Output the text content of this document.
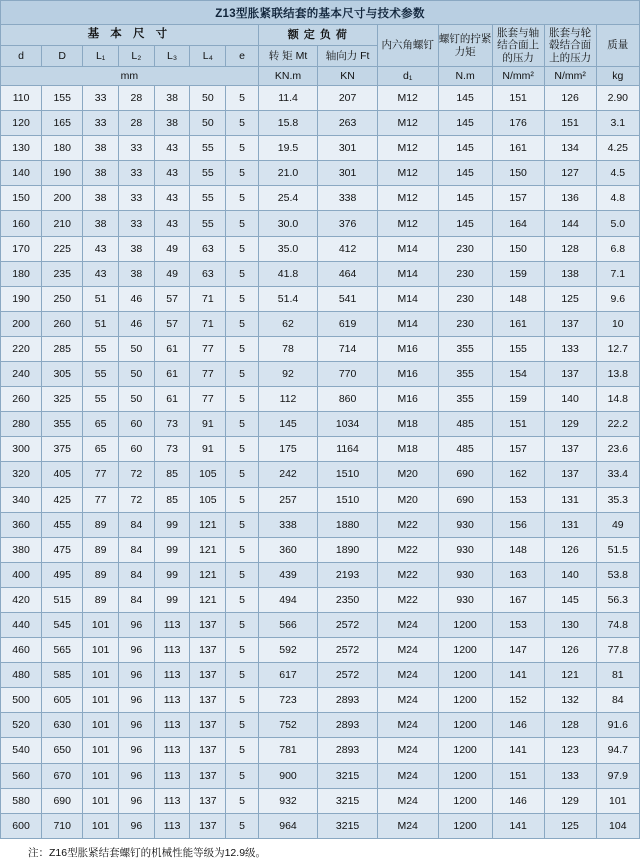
Z13型胀紧联结套的基本尺寸与技术参数
基 本 尺 寸							额 定 负 荷		内六角螺钉	螺钉的拧紧力矩	胀套与轴结合面上的压力	胀套与轮毂结合面上的压力	质量

d	D	L₁	L₂	L₃	L₄	e	转 矩 Mt	轴向力 Ft					
mm							KN.m	KN	d₁	N.m	N/mm²	N/mm²	kg
110	155	33	28	38	50	5	11.4	207	M12	145	151	126	2.90
120	165	33	28	38	50	5	15.8	263	M12	145	176	151	3.1
130	180	38	33	43	55	5	19.5	301	M12	145	161	134	4.25
140	190	38	33	43	55	5	21.0	301	M12	145	150	127	4.5
150	200	38	33	43	55	5	25.4	338	M12	145	157	136	4.8
160	210	38	33	43	55	5	30.0	376	M12	145	164	144	5.0
170	225	43	38	49	63	5	35.0	412	M14	230	150	128	6.8
180	235	43	38	49	63	5	41.8	464	M14	230	159	138	7.1
190	250	51	46	57	71	5	51.4	541	M14	230	148	125	9.6
200	260	51	46	57	71	5	62	619	M14	230	161	137	10
220	285	55	50	61	77	5	78	714	M16	355	155	133	12.7
240	305	55	50	61	77	5	92	770	M16	355	154	137	13.8
260	325	55	50	61	77	5	112	860	M16	355	159	140	14.8
280	355	65	60	73	91	5	145	1034	M18	485	151	129	22.2
300	375	65	60	73	91	5	175	1164	M18	485	157	137	23.6
320	405	77	72	85	105	5	242	1510	M20	690	162	137	33.4
340	425	77	72	85	105	5	257	1510	M20	690	153	131	35.3
360	455	89	84	99	121	5	338	1880	M22	930	156	131	49
380	475	89	84	99	121	5	360	1890	M22	930	148	126	51.5
400	495	89	84	99	121	5	439	2193	M22	930	163	140	53.8
420	515	89	84	99	121	5	494	2350	M22	930	167	145	56.3
440	545	101	96	113	137	5	566	2572	M24	1200	153	130	74.8
460	565	101	96	113	137	5	592	2572	M24	1200	147	126	77.8
480	585	101	96	113	137	5	617	2572	M24	1200	141	121	81
500	605	101	96	113	137	5	723	2893	M24	1200	152	132	84
520	630	101	96	113	137	5	752	2893	M24	1200	146	128	91.6
540	650	101	96	113	137	5	781	2893	M24	1200	141	123	94.7
560	670	101	96	113	137	5	900	3215	M24	1200	151	133	97.9
580	690	101	96	113	137	5	932	3215	M24	1200	146	129	101
600	710	101	96	113	137	5	964	3215	M24	1200	141	125	104
注：Z16型胀紧结套螺钉的机械性能等级为12.9级。
